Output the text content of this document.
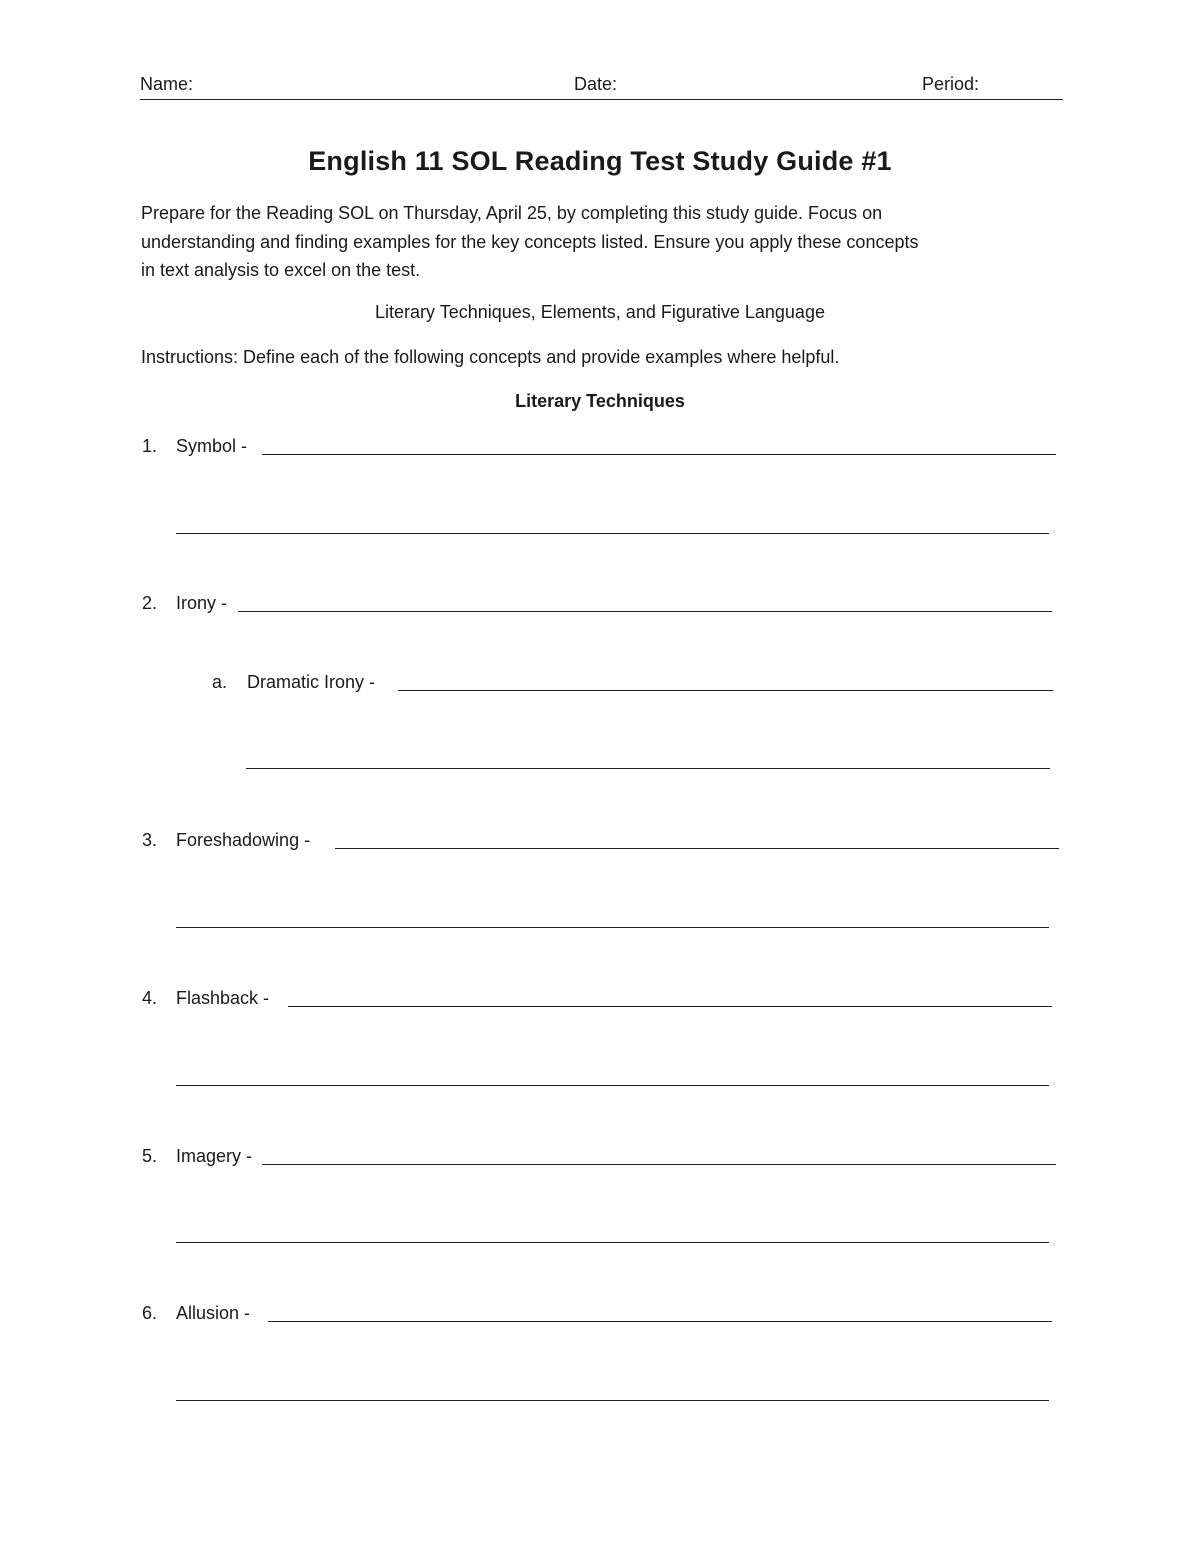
Name:	Date:	Period:
English 11 SOL Reading Test Study Guide #1
Prepare for the Reading SOL on Thursday, April 25, by completing this study guide. Focus on
understanding and finding examples for the key concepts listed. Ensure you apply these concepts
in text analysis to excel on the test.
Literary Techniques, Elements, and Figurative Language
Instructions: Define each of the following concepts and provide examples where helpful.
Literary Techniques
1. Symbol -
2. Irony -
a. Dramatic Irony -
3. Foreshadowing -
4. Flashback -
5. Imagery -
6. Allusion -
